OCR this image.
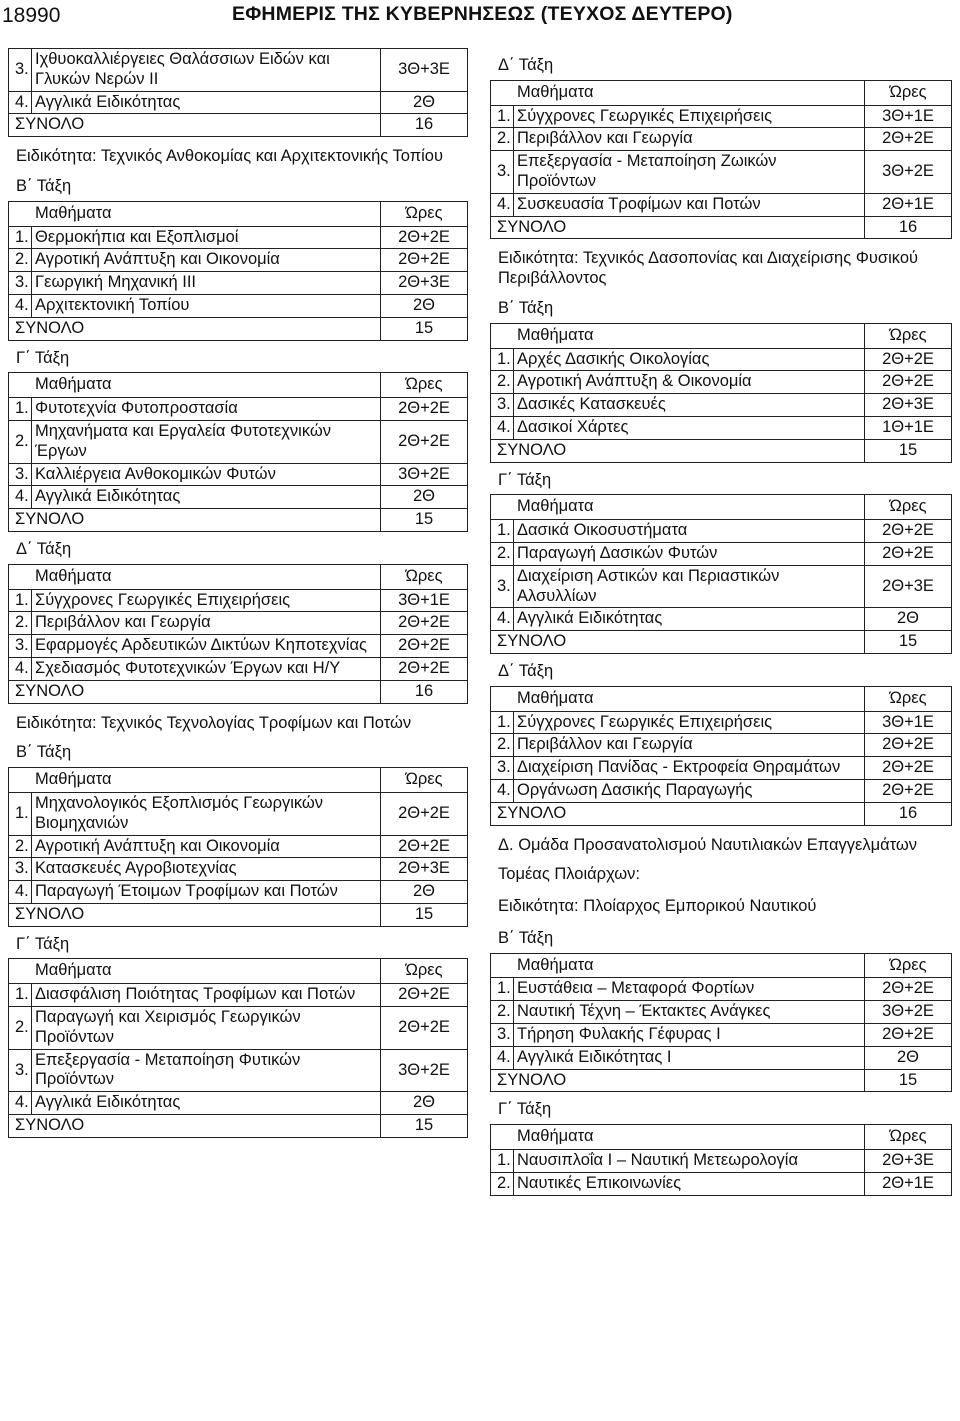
18990	ΕΦΗΜΕΡΙΣ ΤΗΣ ΚΥΒΕΡΝΗΣΕΩΣ (ΤΕΥΧΟΣ ΔΕΥΤΕΡΟ)
3.	Ιχθυοκαλλιέργειες Θαλάσσιων Ειδών και Γλυκών Νερών ΙΙ	3Θ+3Ε
4.	Αγγλικά Ειδικότητας	2Θ
ΣΥΝΟΛΟ		16
Ειδικότητα: Τεχνικός Ανθοκομίας και Αρχιτεκτονικής Τοπίου
Β΄ Τάξη
Μαθήματα		Ώρες
1.	Θερμοκήπια και Εξοπλισμοί	2Θ+2Ε
2.	Αγροτική Ανάπτυξη και Οικονομία	2Θ+2Ε
3.	Γεωργική Μηχανική ΙΙΙ	2Θ+3Ε
4.	Αρχιτεκτονική Τοπίου	2Θ
ΣΥΝΟΛΟ		15
Γ΄ Τάξη
Μαθήματα		Ώρες
1.	Φυτοτεχνία Φυτοπροστασία	2Θ+2Ε
2.	Μηχανήματα και Εργαλεία Φυτοτεχνικών Έργων	2Θ+2Ε
3.	Καλλιέργεια Ανθοκομικών Φυτών	3Θ+2Ε
4.	Αγγλικά Ειδικότητας	2Θ
ΣΥΝΟΛΟ		15
Δ΄ Τάξη
Μαθήματα		Ώρες
1.	Σύγχρονες Γεωργικές Επιχειρήσεις	3Θ+1Ε
2.	Περιβάλλον και Γεωργία	2Θ+2Ε
3.	Εφαρμογές Αρδευτικών Δικτύων Κηποτεχνίας	2Θ+2Ε
4.	Σχεδιασμός Φυτοτεχνικών Έργων και Η/Υ	2Θ+2Ε
ΣΥΝΟΛΟ		16
Ειδικότητα: Τεχνικός Τεχνολογίας Τροφίμων και Ποτών
Β΄ Τάξη
Μαθήματα		Ώρες
1.	Μηχανολογικός Εξοπλισμός Γεωργικών Βιομηχανιών	2Θ+2Ε
2.	Αγροτική Ανάπτυξη και Οικονομία	2Θ+2Ε
3.	Κατασκευές Αγροβιοτεχνίας	2Θ+3Ε
4.	Παραγωγή Έτοιμων Τροφίμων και Ποτών	2Θ
ΣΥΝΟΛΟ		15
Γ΄ Τάξη
Μαθήματα		Ώρες
1.	Διασφάλιση Ποιότητας Τροφίμων και Ποτών	2Θ+2Ε
2.	Παραγωγή και Χειρισμός Γεωργικών Προϊόντων	2Θ+2Ε
3.	Επεξεργασία - Μεταποίηση Φυτικών Προϊόντων	3Θ+2Ε
4.	Αγγλικά Ειδικότητας	2Θ
ΣΥΝΟΛΟ		15
Δ΄ Τάξη
Μαθήματα		Ώρες
1.	Σύγχρονες Γεωργικές Επιχειρήσεις	3Θ+1Ε
2.	Περιβάλλον και Γεωργία	2Θ+2Ε
3.	Επεξεργασία - Μεταποίηση Ζωικών Προϊόντων	3Θ+2Ε
4.	Συσκευασία Τροφίμων και Ποτών	2Θ+1Ε
ΣΥΝΟΛΟ		16
Ειδικότητα: Τεχνικός Δασοπονίας και Διαχείρισης Φυσικού Περιβάλλοντος
Β΄ Τάξη
Μαθήματα		Ώρες
1.	Αρχές Δασικής Οικολογίας	2Θ+2Ε
2.	Αγροτική Ανάπτυξη & Οικονομία	2Θ+2Ε
3.	Δασικές Κατασκευές	2Θ+3Ε
4.	Δασικοί Χάρτες	1Θ+1Ε
ΣΥΝΟΛΟ		15
Γ΄ Τάξη
Μαθήματα		Ώρες
1.	Δασικά Οικοσυστήματα	2Θ+2Ε
2.	Παραγωγή Δασικών Φυτών	2Θ+2Ε
3.	Διαχείριση Αστικών και Περιαστικών Αλσυλλίων	2Θ+3Ε
4.	Αγγλικά Ειδικότητας	2Θ
ΣΥΝΟΛΟ		15
Δ΄ Τάξη
Μαθήματα		Ώρες
1.	Σύγχρονες Γεωργικές Επιχειρήσεις	3Θ+1Ε
2.	Περιβάλλον και Γεωργία	2Θ+2Ε
3.	Διαχείριση Πανίδας - Εκτροφεία Θηραμάτων	2Θ+2Ε
4.	Οργάνωση Δασικής Παραγωγής	2Θ+2Ε
ΣΥΝΟΛΟ		16
Δ. Ομάδα Προσανατολισμού Ναυτιλιακών Επαγγελμάτων
Τομέας Πλοιάρχων:
Ειδικότητα: Πλοίαρχος Εμπορικού Ναυτικού
Β΄ Τάξη
Μαθήματα		Ώρες
1.	Ευστάθεια – Μεταφορά Φορτίων	2Θ+2Ε
2.	Ναυτική Τέχνη – Έκτακτες Ανάγκες	3Θ+2Ε
3.	Τήρηση Φυλακής Γέφυρας Ι	2Θ+2Ε
4.	Αγγλικά Ειδικότητας Ι	2Θ
ΣΥΝΟΛΟ		15
Γ΄ Τάξη
Μαθήματα		Ώρες
1.	Ναυσιπλοΐα Ι – Ναυτική Μετεωρολογία	2Θ+3Ε
2.	Ναυτικές Επικοινωνίες	2Θ+1Ε
